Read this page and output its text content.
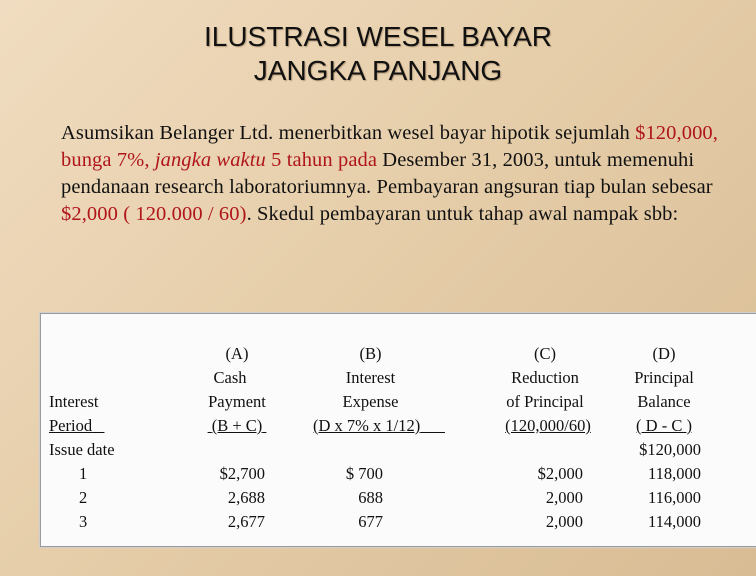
ILUSTRASI WESEL BAYAR
JANGKA PANJANG
Asumsikan Belanger Ltd. menerbitkan wesel bayar hipotik sejumlah $120,000, bunga 7%, jangka waktu 5 tahun pada Desember 31, 2003, untuk memenuhi pendanaan research laboratoriumnya. Pembayaran angsuran tiap bulan sebesar $2,000 ( 120.000 / 60). Skedul pembayaran untuk tahap awal nampak sbb:
Interest
Period
Issue date
1
2
3
(A)
Cash
Payment
(B + C)
$2,700
2,688
2,677
(B)
Interest
Expense
(D x 7% x 1/12)
$ 700
688
677
(C)
Reduction
of Principal
(120,000/60)
$2,000
2,000
2,000
(D)
Principal
Balance
( D - C )
$120,000
118,000
116,000
114,000
